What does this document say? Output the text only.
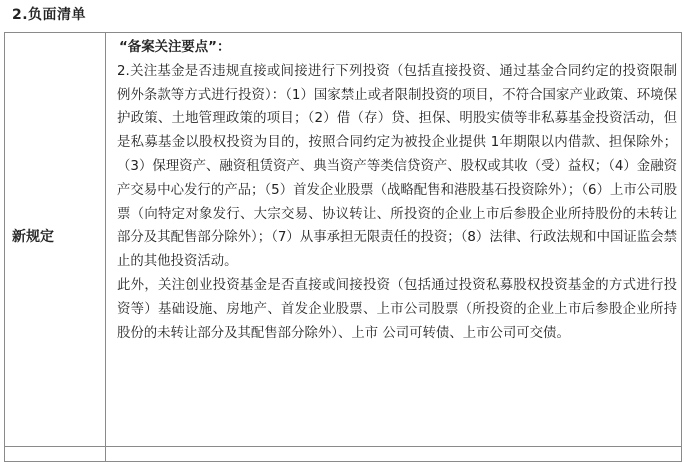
2.负面清单
新规定

“备案关注要点”：

2.关注基金是否违规直接或间接进行下列投资（包括直接投资、通过基金合同约定的投资限制例外条款等方式进行投资）：（1）国家禁止或者限制投资的项目，不符合国家产业政策、环境保护政策、土地管理政策的项目；（2）借（存）贷、担保、明股实债等非私募基金投资活动，但是私募基金以股权投资为目的，按照合同约定为被投企业提供 1年期限以内借款、担保除外；（3）保理资产、融资租赁资产、典当资产等类信贷资产、股权或其收（受）益权；（4）金融资产交易中心发行的产品；（5）首发企业股票（战略配售和港股基石投资除外）；（6）上市公司股票（向特定对象发行、大宗交易、协议转让、所投资的企业上市后参股企业所持股份的未转让部分及其配售部分除外）；（7）从事承担无限责任的投资；（8）法律、行政法规和中国证监会禁止的其他投资活动。

此外，关注创业投资基金是否直接或间接投资（包括通过投资私募股权投资基金的方式进行投资等）基础设施、房地产、首发企业股票、上市公司股票（所投资的企业上市后参股企业所持股份的未转让部分及其配售部分除外）、上市 公司可转债、上市公司可交债。
